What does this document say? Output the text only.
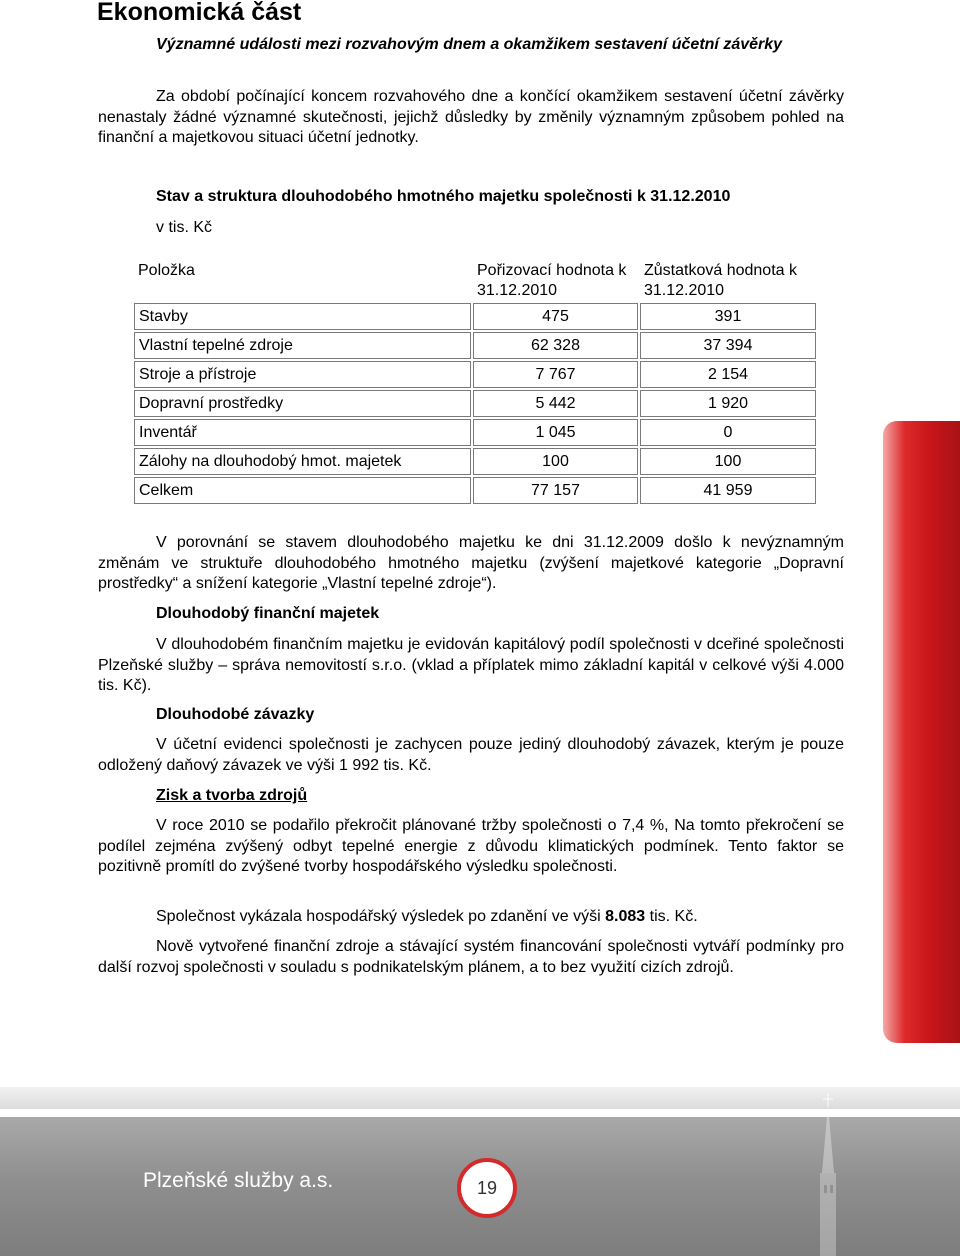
Ekonomická část
Významné události mezi rozvahovým dnem a okamžikem sestavení účetní závěrky
Za období počínající koncem rozvahového dne a končící okamžikem sestavení účetní závěrky nenastaly žádné významné skutečnosti, jejichž důsledky by změnily významným způsobem pohled na finanční a majetkovou situaci účetní jednotky.
Stav a struktura dlouhodobého hmotného majetku společnosti k 31.12.2010
v tis. Kč
Položka	Pořizovací hodnota k 31.12.2010	Zůstatková hodnota k 31.12.2010
Stavby	475	391
Vlastní tepelné zdroje	62 328	37 394
Stroje a přístroje	7 767	2 154
Dopravní prostředky	5 442	1 920
Inventář	1 045	0
Zálohy na dlouhodobý hmot. majetek	100	100
Celkem	77 157	41 959
V porovnání se stavem dlouhodobého majetku ke dni 31.12.2009 došlo k nevýznamným změnám ve struktuře dlouhodobého hmotného majetku (zvýšení majetkové kategorie „Dopravní prostředky“ a snížení kategorie „Vlastní tepelné zdroje“).
Dlouhodobý finanční majetek
V dlouhodobém finančním majetku je evidován kapitálový podíl společnosti v dceřiné společnosti Plzeňské služby – správa nemovitostí s.r.o. (vklad a příplatek mimo základní kapitál v celkové výši 4.000 tis. Kč).
Dlouhodobé závazky
V účetní evidenci společnosti je zachycen pouze jediný dlouhodobý závazek, kterým je pouze odložený daňový závazek ve výši 1 992 tis. Kč.
Zisk a tvorba zdrojů
V roce 2010 se podařilo překročit plánované tržby společnosti o 7,4 %, Na tomto překročení se podílel zejména zvýšený odbyt tepelné energie z důvodu klimatických podmínek. Tento faktor se pozitivně promítl do zvýšené tvorby hospodářského výsledku společnosti.
Společnost vykázala hospodářský výsledek po zdanění ve výši 8.083 tis. Kč.
Nově vytvořené finanční zdroje a stávající systém financování společnosti vytváří podmínky pro další rozvoj společnosti v souladu s podnikatelským plánem, a to bez využití cizích zdrojů.
Plzeňské služby a.s.	19
